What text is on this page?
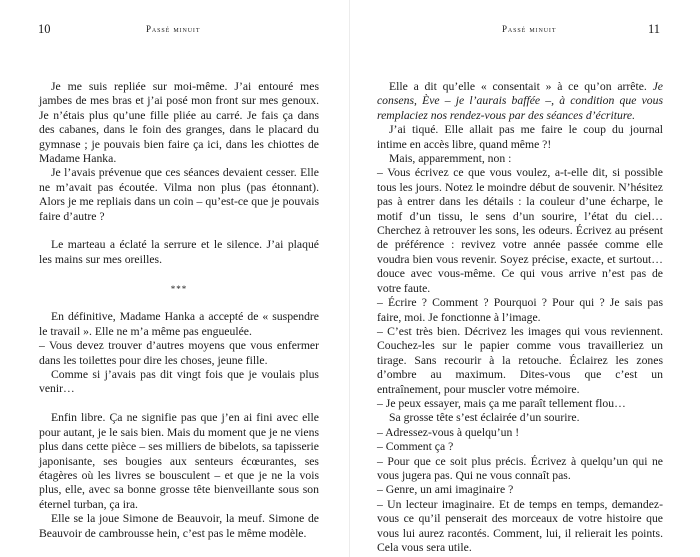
10	Passé minuit

Je me suis repliée sur moi-même. J’ai entouré mes jambes de mes bras et j’ai posé mon front sur mes genoux. Je n’étais plus qu’une fille pliée au carré. Je fais ça dans des cabanes, dans le foin des granges, dans le placard du gymnase ; je pouvais bien faire ça ici, dans les chiottes de Madame Hanka.

Je l’avais prévenue que ces séances devaient cesser. Elle ne m’avait pas écoutée. Vilma non plus (pas étonnant). Alors je me repliais dans un coin – qu’est-ce que je pouvais faire d’autre ?

Le marteau a éclaté la serrure et le silence. J’ai plaqué les mains sur mes oreilles.

***

En définitive, Madame Hanka a accepté de « suspendre le travail ». Elle ne m’a même pas engueulée.

– Vous devez trouver d’autres moyens que vous enfermer dans les toilettes pour dire les choses, jeune fille.

Comme si j’avais pas dit vingt fois que je voulais plus venir…

Enfin libre. Ça ne signifie pas que j’en ai fini avec elle pour autant, je le sais bien. Mais du moment que je ne viens plus dans cette pièce – ses milliers de bibelots, sa tapisserie japonisante, ses bougies aux senteurs écœurantes, ses étagères où les livres se bousculent – et que je ne la vois plus, elle, avec sa bonne grosse tête bienveillante sous son éternel turban, ça ira.

Elle se la joue Simone de Beauvoir, la meuf. Simone de Beauvoir de cambrousse hein, c’est pas le même modèle.

Passé minuit	11

Elle a dit qu’elle « consentait » à ce qu’on arrête. Je consens, Ève – je l’aurais baffée –, à condition que vous remplaciez nos rendez-vous par des séances d’écriture.

J’ai tiqué. Elle allait pas me faire le coup du journal intime en accès libre, quand même ?!

Mais, apparemment, non :

– Vous écrivez ce que vous voulez, a-t-elle dit, si possible tous les jours. Notez le moindre début de souvenir. N’hésitez pas à entrer dans les détails : la couleur d’une écharpe, le motif d’un tissu, le sens d’un sourire, l’état du ciel… Cherchez à retrouver les sons, les odeurs. Écrivez au présent de préférence : revivez votre année passée comme elle voudra bien vous revenir. Soyez précise, exacte, et surtout… douce avec vous-même. Ce qui vous arrive n’est pas de votre faute.

– Écrire ? Comment ? Pourquoi ? Pour qui ? Je sais pas faire, moi. Je fonctionne à l’image.

– C’est très bien. Décrivez les images qui vous reviennent. Couchez-les sur le papier comme vous travailleriez un tirage. Sans recourir à la retouche. Éclairez les zones d’ombre au maximum. Dites-vous que c’est un entraînement, pour muscler votre mémoire.

– Je peux essayer, mais ça me paraît tellement flou…

Sa grosse tête s’est éclairée d’un sourire.

– Adressez-vous à quelqu’un !

– Comment ça ?

– Pour que ce soit plus précis. Écrivez à quelqu’un qui ne vous jugera pas. Qui ne vous connaît pas.

– Genre, un ami imaginaire ?

– Un lecteur imaginaire. Et de temps en temps, demandez-vous ce qu’il penserait des morceaux de votre histoire que vous lui aurez racontés. Comment, lui, il relierait les points. Cela vous sera utile.
